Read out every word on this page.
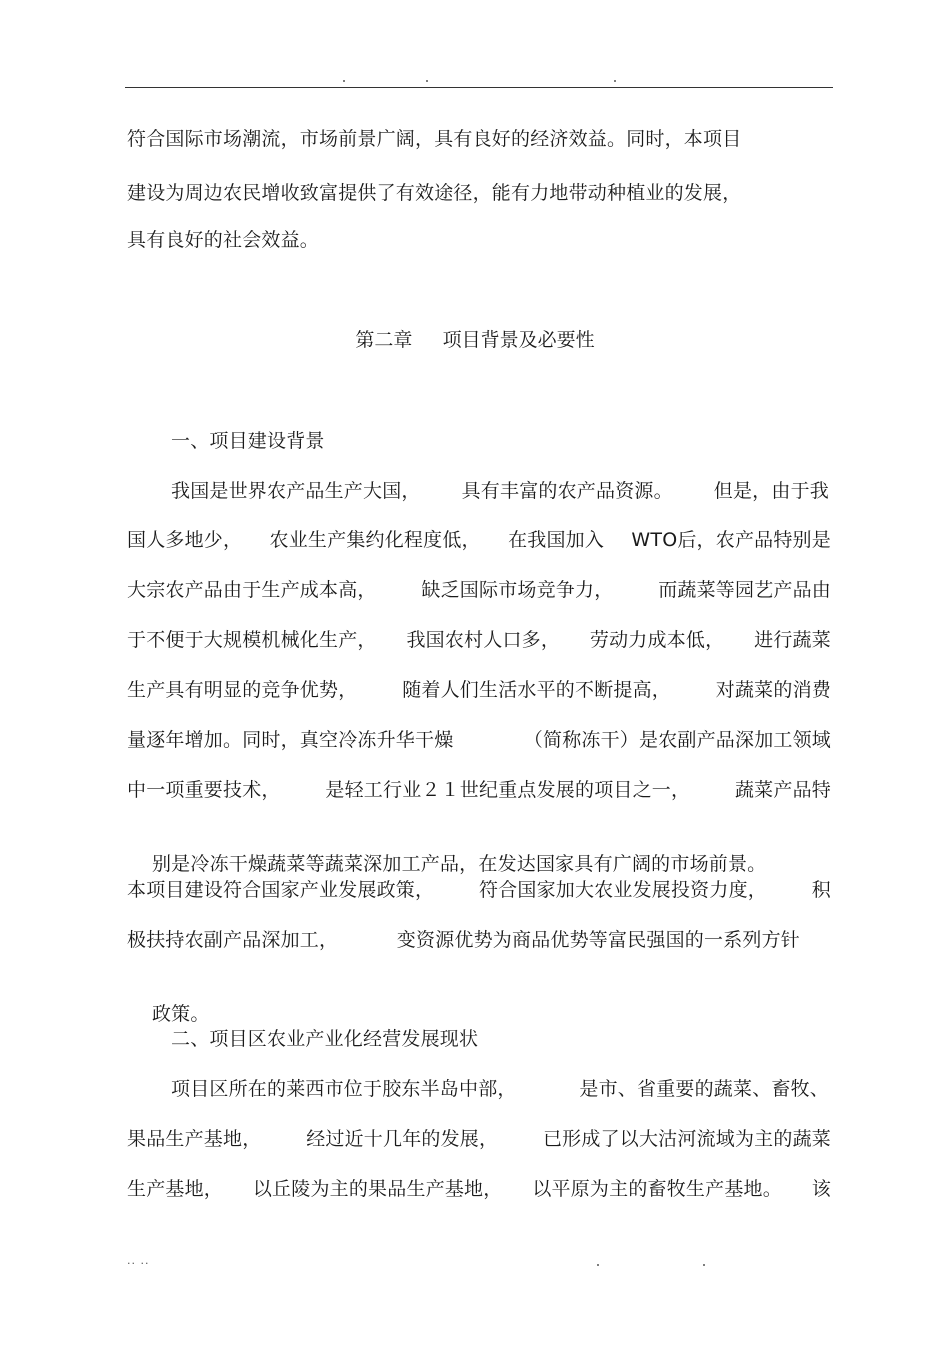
符合国际市场潮流，市场前景广阔，具有良好的经济效益。同时，本项目
建设为周边农民增收致富提供了有效途径，能有力地带动种植业的发展，
具有良好的社会效益。
第二章 项目背景及必要性
一、项目建设背景
我国是世界农产品生产大国， 具有丰富的农产品资源。 但是，由于我
国人多地少， 农业生产集约化程度低， 在我国加入 WTO后，农产品特别是
大宗农产品由于生产成本高， 缺乏国际市场竞争力， 而蔬菜等园艺产品由
于不便于大规模机械化生产， 我国农村人口多， 劳动力成本低， 进行蔬菜
生产具有明显的竞争优势， 随着人们生活水平的不断提高， 对蔬菜的消费
量逐年增加。同时，真空冷冻升华干燥	（简称冻干）是农副产品深加工领域
中一项重要技术， 是轻工行业２１世纪重点发展的项目之一， 蔬菜产品特

别是冷冻干燥蔬菜等蔬菜深加工产品，在发达国家具有广阔的市场前景。

本项目建设符合国家产业发展政策， 符合国家加大农业发展投资力度， 积
极扶持农副产品深加工，	变资源优势为商品优势等富民强国的一系列方针

政策。

二、项目区农业产业化经营发展现状
项目区所在的莱西市位于胶东半岛中部，	是市、省重要的蔬菜、畜牧、
果品生产基地， 经过近十几年的发展， 已形成了以大沽河流域为主的蔬菜
生产基地， 以丘陵为主的果品生产基地， 以平原为主的畜牧生产基地。 该
.. ..
